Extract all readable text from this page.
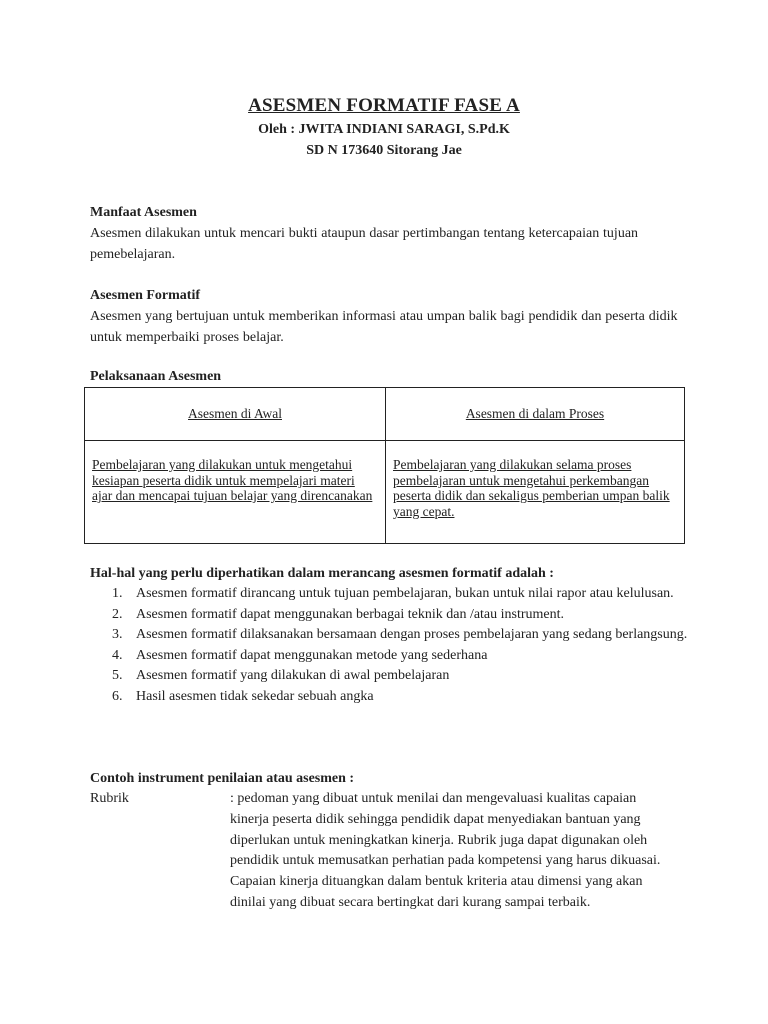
ASESMEN FORMATIF FASE A
Oleh : JWITA INDIANI SARAGI, S.Pd.K
SD N 173640 Sitorang Jae
Manfaat Asesmen
Asesmen dilakukan untuk mencari bukti ataupun dasar pertimbangan tentang ketercapaian tujuan pemebelajaran.
Asesmen Formatif
Asesmen yang bertujuan untuk memberikan informasi atau umpan balik bagi pendidik dan peserta didik untuk memperbaiki proses belajar.
Pelaksanaan Asesmen
Asesmen di Awal	Asesmen di dalam Proses
Pembelajaran yang dilakukan untuk mengetahui kesiapan peserta didik untuk mempelajari materi ajar dan mencapai tujuan belajar yang direncanakan
Pembelajaran yang dilakukan selama proses pembelajaran untuk mengetahui perkembangan peserta didik dan sekaligus pemberian umpan balik yang cepat.
Hal-hal yang perlu diperhatikan dalam merancang asesmen formatif adalah :
1. Asesmen formatif dirancang untuk tujuan pembelajaran, bukan untuk nilai rapor atau kelulusan.
2. Asesmen formatif dapat menggunakan berbagai teknik dan /atau instrument.
3. Asesmen formatif dilaksanakan bersamaan dengan proses pembelajaran yang sedang berlangsung.
4. Asesmen formatif dapat menggunakan metode yang sederhana
5. Asesmen formatif yang dilakukan di awal pembelajaran
6. Hasil asesmen tidak sekedar sebuah angka
Contoh instrument penilaian atau asesmen :
Rubrik	: pedoman yang dibuat untuk menilai dan mengevaluasi kualitas capaian kinerja peserta didik sehingga pendidik dapat menyediakan bantuan yang diperlukan untuk meningkatkan kinerja. Rubrik juga dapat digunakan oleh pendidik untuk memusatkan perhatian pada kompetensi yang harus dikuasai. Capaian kinerja dituangkan dalam bentuk kriteria atau dimensi yang akan dinilai yang dibuat secara bertingkat dari kurang sampai terbaik.
